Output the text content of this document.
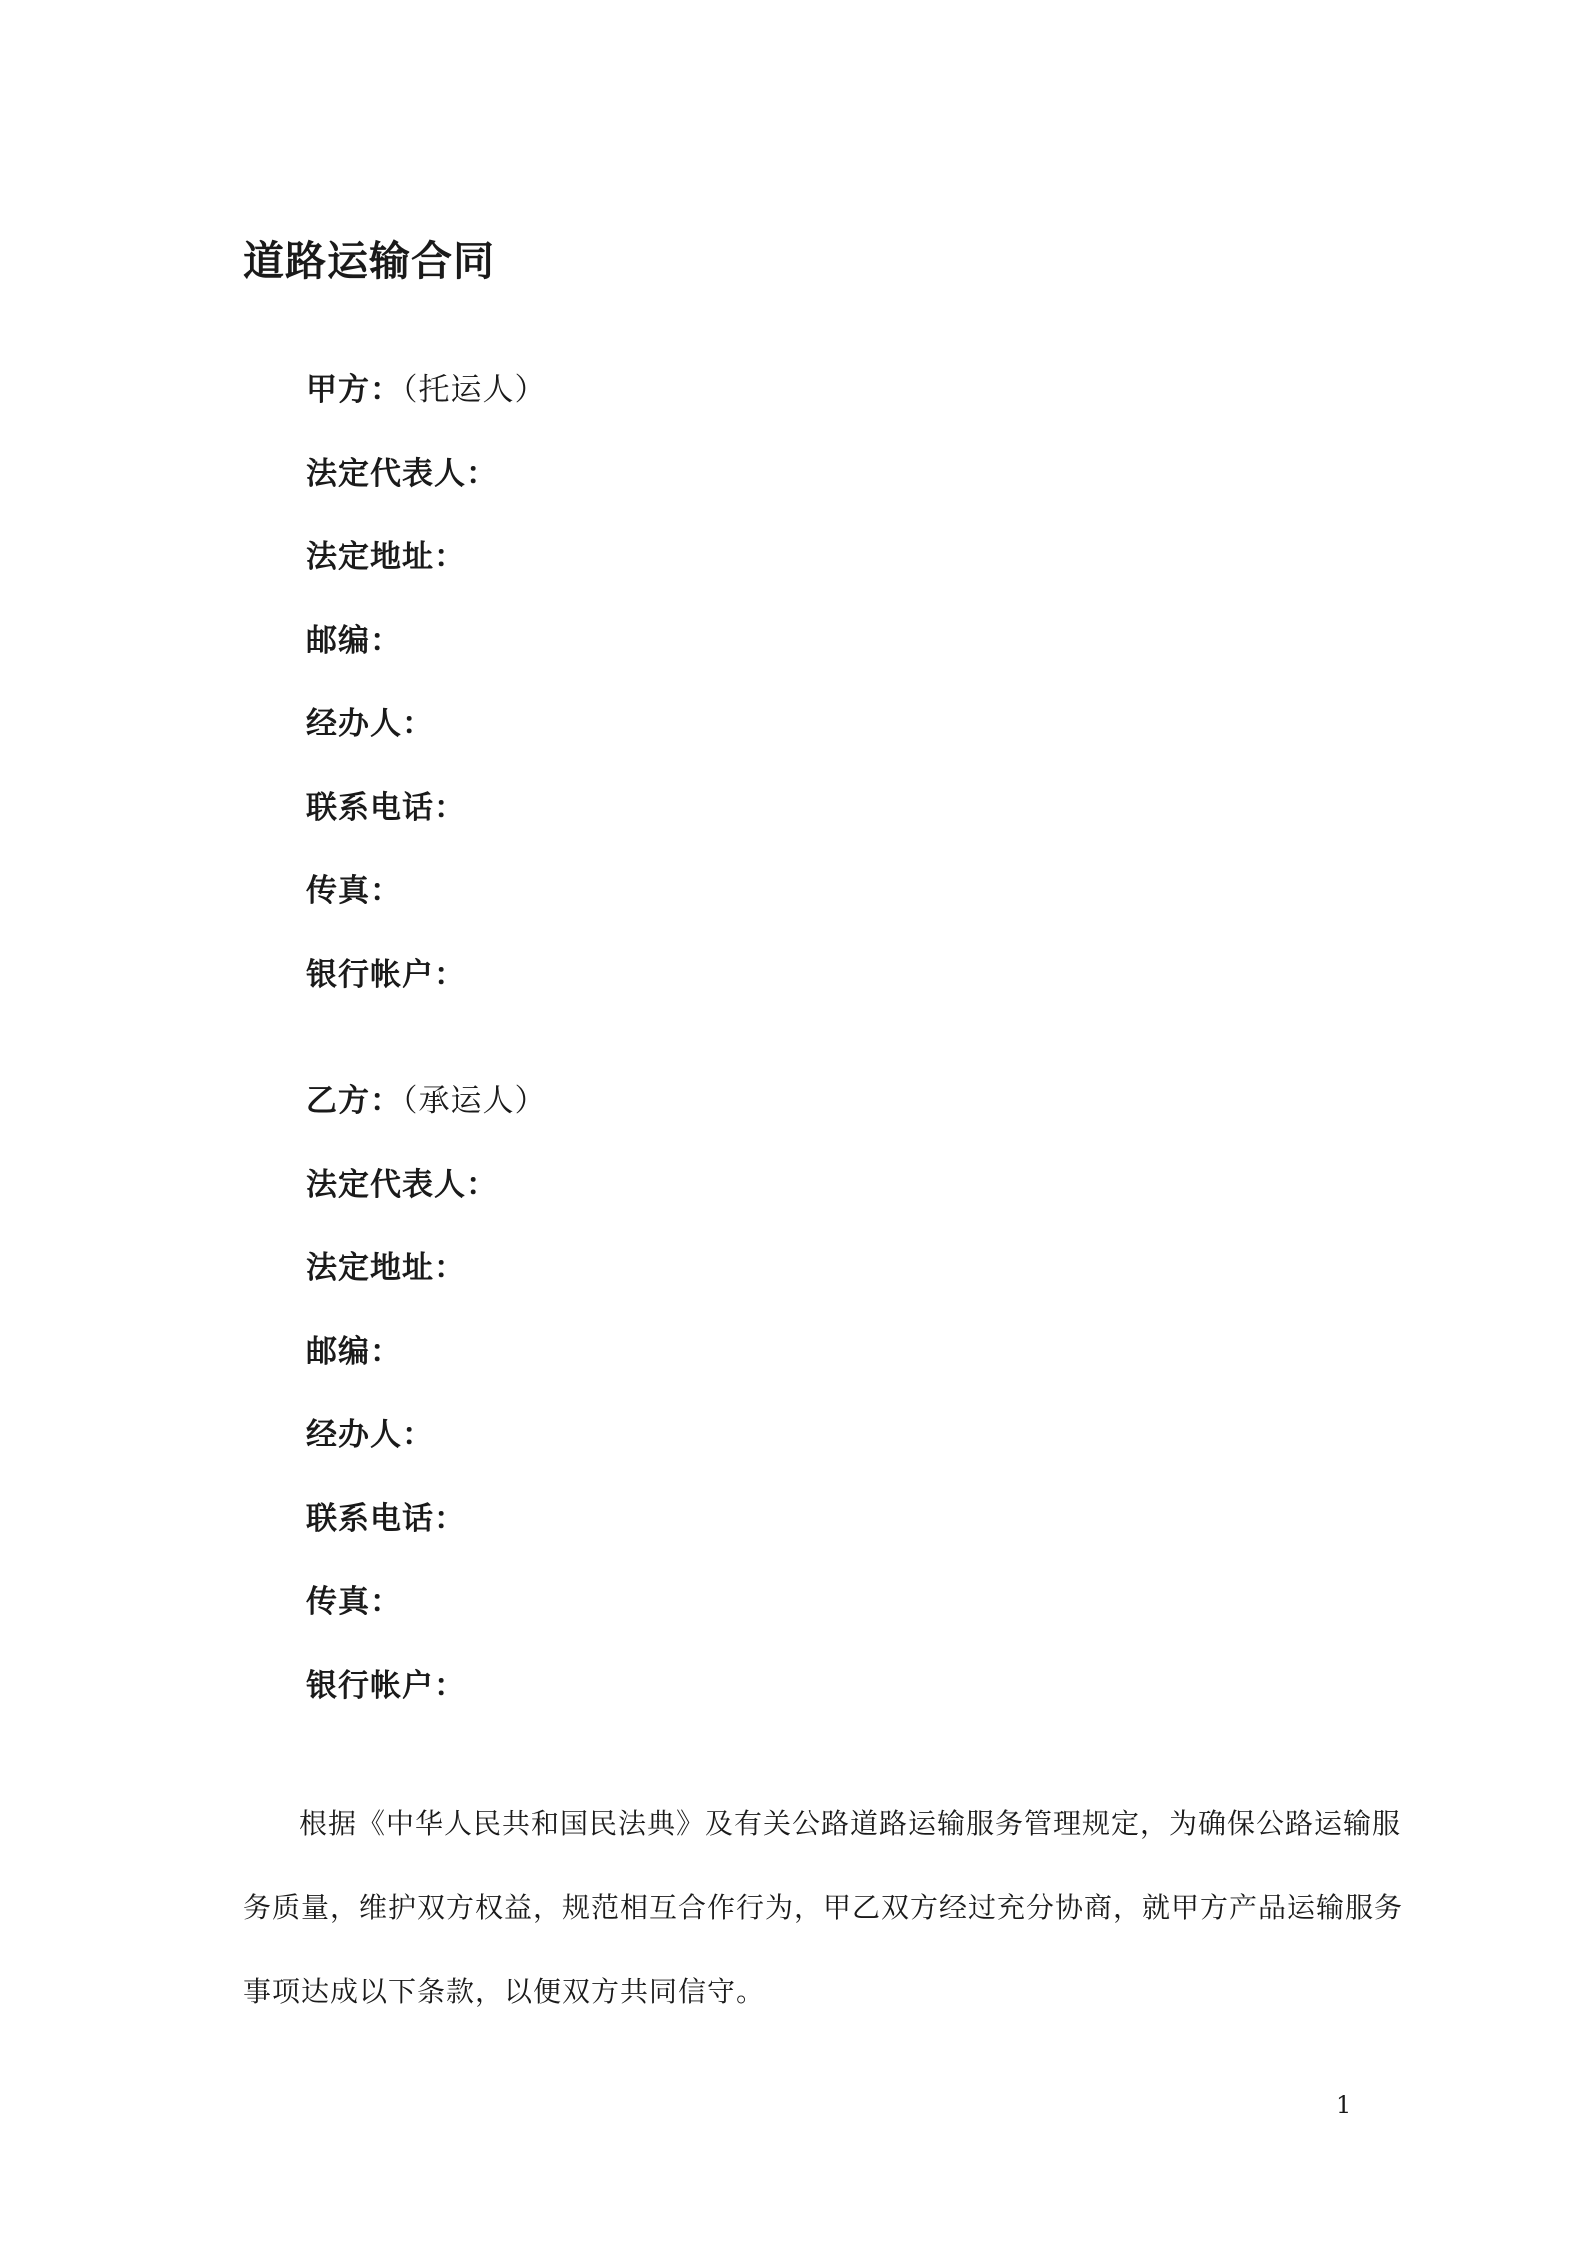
道路运输合同
甲方：（托运人）
法定代表人：
法定地址：
邮编：
经办人：
联系电话：
传真：
银行帐户：
乙方：（承运人）
法定代表人：
法定地址：
邮编：
经办人：
联系电话：
传真：
银行帐户：

根据《中华人民共和国民法典》及有关公路道路运输服务管理规定，为确保公路运输服
务质量，维护双方权益，规范相互合作行为，甲乙双方经过充分协商，就甲方产品运输服务
事项达成以下条款，以便双方共同信守。

1
